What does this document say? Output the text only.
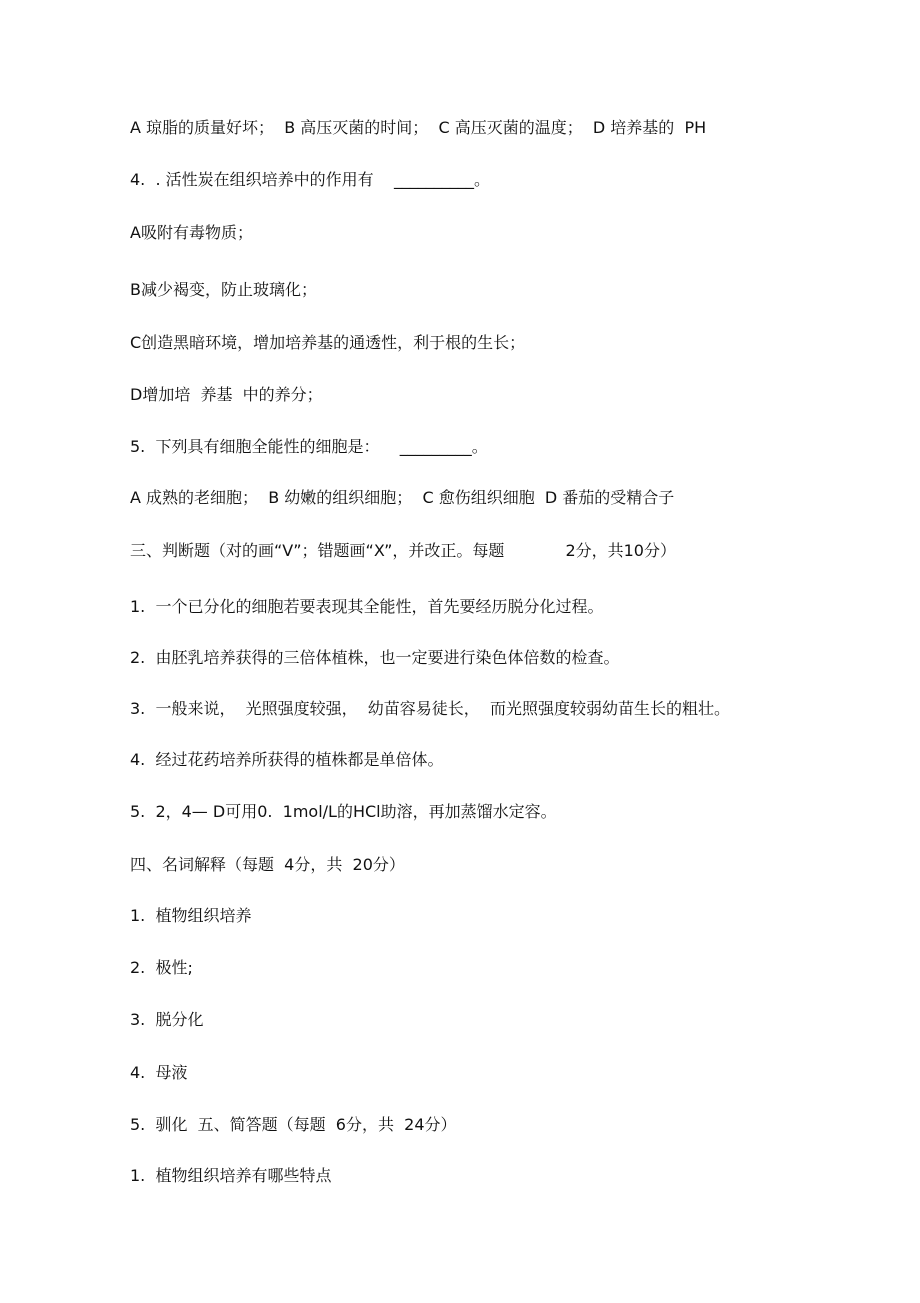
A 琼脂的质量好坏；  B 高压灭菌的时间；  C 高压灭菌的温度；  D 培养基的  PH
4.  . 活性炭在组织培养中的作用有    __________。
A吸附有毒物质；
B减少褐变，防止玻璃化；
C创造黑暗环境，增加培养基的通透性，利于根的生长；
D增加培  养基  中的养分；
5.  下列具有细胞全能性的细胞是：    _________。
A 成熟的老细胞；  B 幼嫩的组织细胞；  C 愈伤组织细胞  D 番茄的受精合子
三、判断题（对的画“V”；错题画“X”，并改正。每题            2分，共10分）
1.  一个已分化的细胞若要表现其全能性，首先要经历脱分化过程。
2.  由胚乳培养获得的三倍体植株，也一定要进行染色体倍数的检查。
3.  一般来说，  光照强度较强，  幼苗容易徒长，  而光照强度较弱幼苗生长的粗壮。
4.  经过花药培养所获得的植株都是单倍体。
5.  2，4— D可用0.  1mol/L的HCl助溶，再加蒸馏水定容。
四、名词解释（每题  4分，共  20分）
1.  植物组织培养
2.  极性;
3.  脱分化
4.  母液
5.  驯化  五、简答题（每题  6分，共  24分）
1.  植物组织培养有哪些特点
